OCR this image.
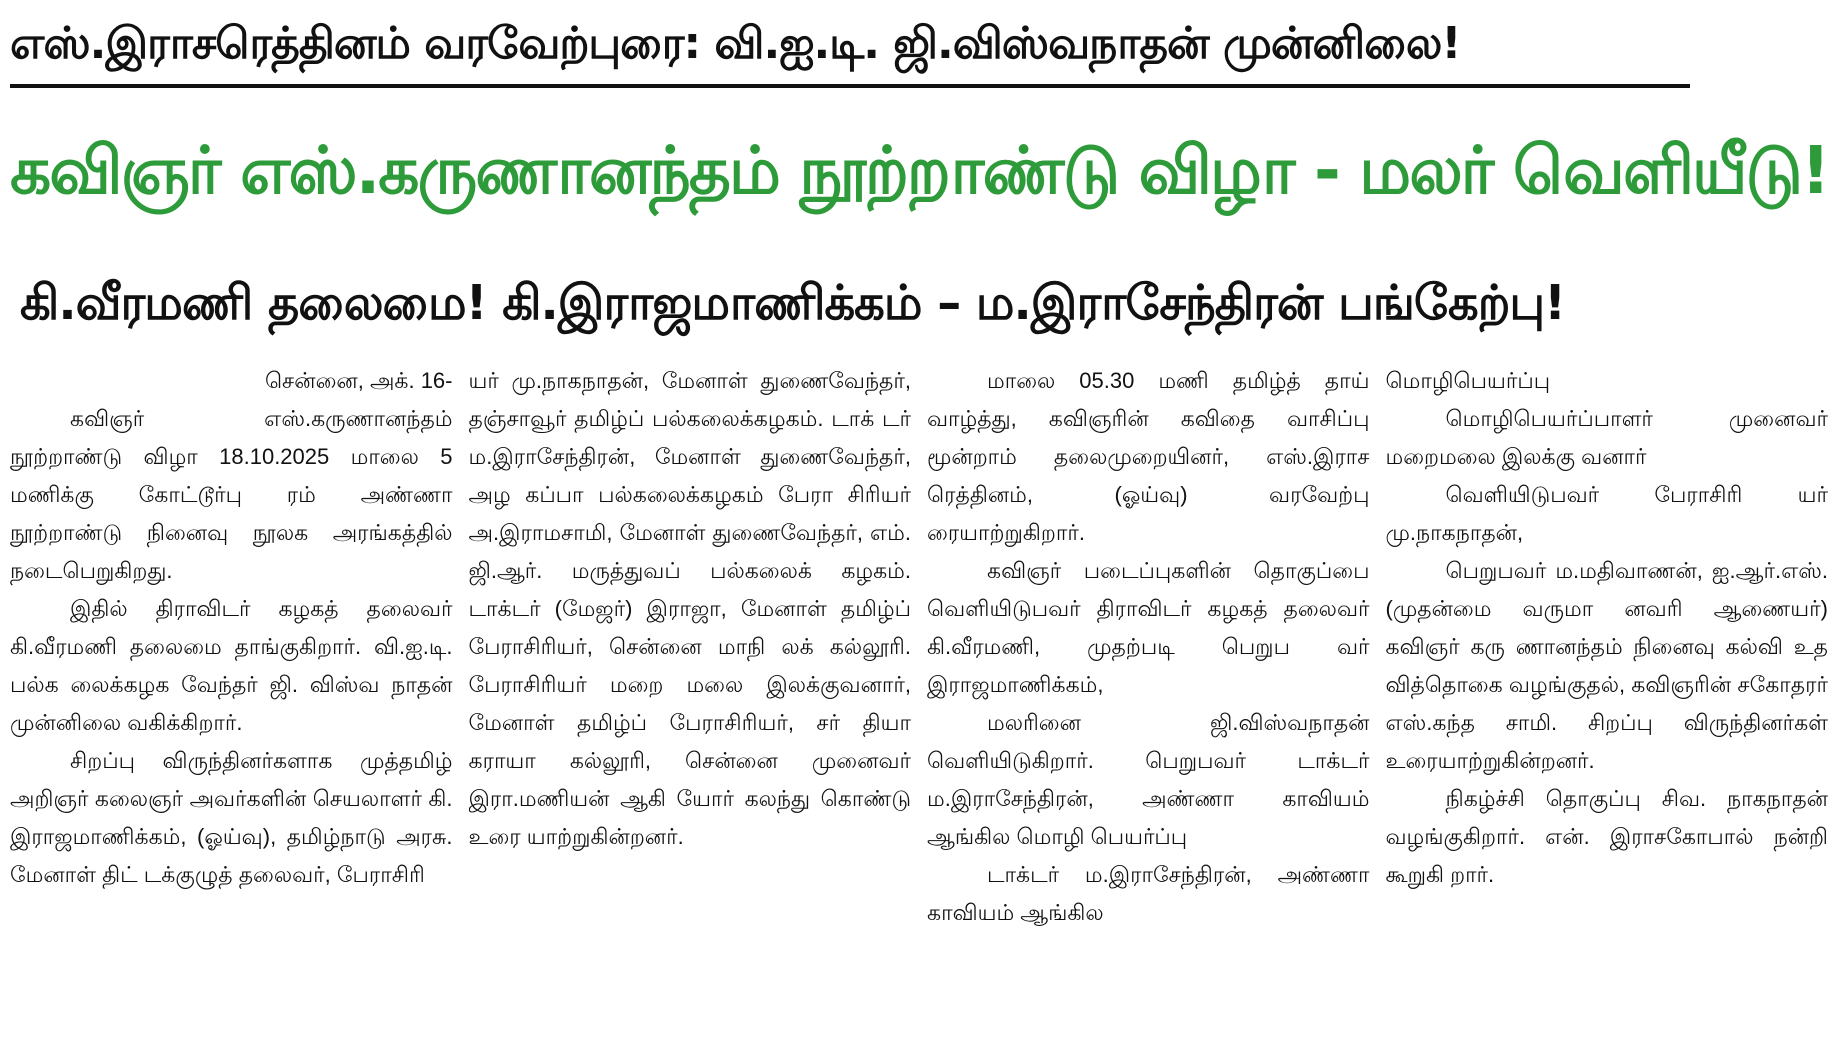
எஸ்.இராசரெத்தினம் வரவேற்புரை: வி.ஐ.டி. ஜி.விஸ்வநாதன் முன்னிலை!
கவிஞர் எஸ்.கருணானந்தம் நூற்றாண்டு விழா - மலர் வெளியீடு!
கி.வீரமணி தலைமை! கி.இராஜமாணிக்கம் – ம.இராசேந்திரன் பங்கேற்பு!

சென்னை, அக். 16-

கவிஞர் எஸ்.கருணானந்தம் நூற்றாண்டு விழா 18.10.2025 மாலை 5 மணிக்கு கோட்டூர்பு ரம் அண்ணா நூற்றாண்டு நினைவு நூலக அரங்கத்தில் நடைபெறுகிறது.

இதில் திராவிடர் கழகத் தலைவர் கி.வீரமணி தலைமை தாங்குகிறார். வி.ஐ.டி. பல்க லைக்கழக வேந்தர் ஜி. விஸ்வ நாதன் முன்னிலை வகிக்கிறார்.

சிறப்பு விருந்தினர்களாக முத்தமிழ் அறிஞர் கலைஞர் அவர்களின் செயலாளர் கி. இராஜமாணிக்கம், (ஓய்வு), தமிழ்நாடு அரசு. மேனாள் திட் டக்குழுத் தலைவர், பேராசிரி

யர் மு.நாகநாதன், மேனாள் துணைவேந்தர், தஞ்சாவூர் தமிழ்ப் பல்கலைக்கழகம். டாக் டர் ம.இராசேந்திரன், மேனாள் துணைவேந்தர், அழ கப்பா பல்கலைக்கழகம் பேரா சிரியர் அ.இராமசாமி, மேனாள் துணைவேந்தர், எம். ஜி.ஆர். மருத்துவப் பல்கலைக் கழகம். டாக்டர் (மேஜர்) இராஜா, மேனாள் தமிழ்ப் பேராசிரியர், சென்னை மாநி லக் கல்லூரி. பேராசிரியர் மறை மலை இலக்குவனார், மேனாள் தமிழ்ப் பேராசிரியர், சர் தியா கராயா கல்லூரி, சென்னை முனைவர் இரா.மணியன் ஆகி யோர் கலந்து கொண்டு உரை யாற்றுகின்றனர்.

மாலை 05.30 மணி தமிழ்த் தாய் வாழ்த்து, கவிஞரின் கவிதை வாசிப்பு மூன்றாம் தலைமுறையினர், எஸ்.இராச ரெத்தினம், (ஓய்வு) வரவேற்பு ரையாற்றுகிறார்.

கவிஞர் படைப்புகளின் தொகுப்பை வெளியிடுபவர் திராவிடர் கழகத் தலைவர் கி.வீரமணி, முதற்படி பெறுப வர் இராஜமாணிக்கம்,

மலரினை ஜி.விஸ்வநாதன் வெளியிடுகிறார். பெறுபவர் டாக்டர் ம.இராசேந்திரன், அண்ணா காவியம் ஆங்கில மொழி பெயர்ப்பு

டாக்டர் ம.இராசேந்திரன், அண்ணா காவியம் ஆங்கில

மொழிபெயர்ப்பு

மொழிபெயர்ப்பாளர் முனைவர் மறைமலை இலக்கு வனார்

வெளியிடுபவர் பேராசிரி யர் மு.நாகநாதன்,

பெறுபவர் ம.மதிவாணன், ஐ.ஆர்.எஸ். (முதன்மை வருமா னவரி ஆணையர்) கவிஞர் கரு ணானந்தம் நினைவு கல்வி உத வித்தொகை வழங்குதல், கவிஞரின் சகோதரர் எஸ்.கந்த சாமி. சிறப்பு விருந்தினர்கள் உரையாற்றுகின்றனர்.

நிகழ்ச்சி தொகுப்பு சிவ. நாகநாதன் வழங்குகிறார். என். இராசகோபால் நன்றி கூறுகி றார்.
